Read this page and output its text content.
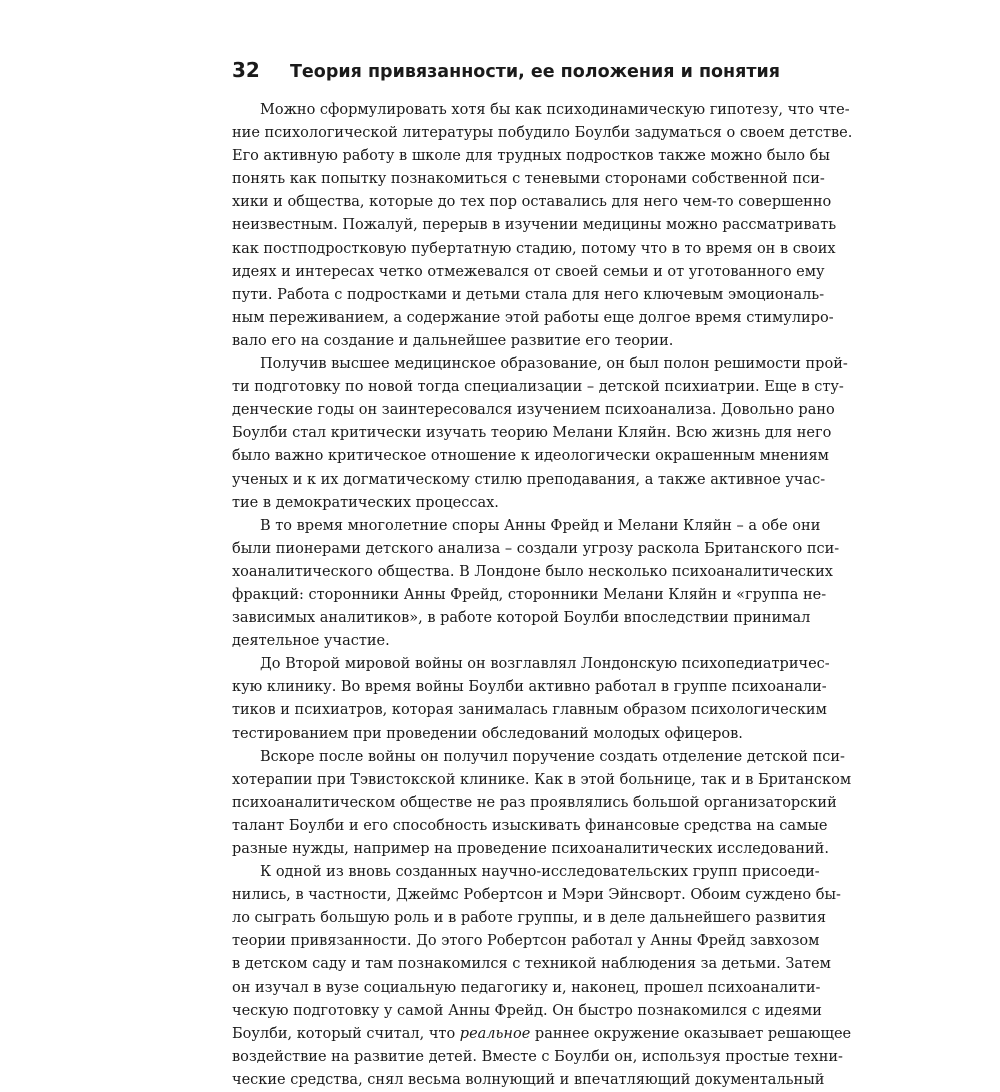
32	Теория привязанности, ее положения и понятия
Можно сформулировать хотя бы как психодинамическую гипотезу, что чте-
ние психологической литературы побудило Боулби задуматься о своем детстве.
Его активную работу в школе для трудных подростков также можно было бы
понять как попытку познакомиться с теневыми сторонами собственной пси-
хики и общества, которые до тех пор оставались для него чем-то совершенно
неизвестным. Пожалуй, перерыв в изучении медицины можно рассматривать
как постподростковую пубертатную стадию, потому что в то время он в своих
идеях и интересах четко отмежевался от своей семьи и от уготованного ему
пути. Работа с подростками и детьми стала для него ключевым эмоциональ-
ным переживанием, а содержание этой работы еще долгое время стимулиро-
вало его на создание и дальнейшее развитие его теории.
Получив высшее медицинское образование, он был полон решимости прой-
ти подготовку по новой тогда специализации – детской психиатрии. Еще в сту-
денческие годы он заинтересовался изучением психоанализа. Довольно рано
Боулби стал критически изучать теорию Мелани Кляйн. Всю жизнь для него
было важно критическое отношение к идеологически окрашенным мнениям
ученых и к их догматическому стилю преподавания, а также активное учас-
тие в демократических процессах.
В то время многолетние споры Анны Фрейд и Мелани Кляйн – а обе они
были пионерами детского анализа – создали угрозу раскола Британского пси-
хоаналитического общества. В Лондоне было несколько психоаналитических
фракций: сторонники Анны Фрейд, сторонники Мелани Кляйн и «группа не-
зависимых аналитиков», в работе которой Боулби впоследствии принимал
деятельное участие.
До Второй мировой войны он возглавлял Лондонскую психопедиатричес-
кую клинику. Во время войны Боулби активно работал в группе психоанали-
тиков и психиатров, которая занималась главным образом психологическим
тестированием при проведении обследований молодых офицеров.
Вскоре после войны он получил поручение создать отделение детской пси-
хотерапии при Тэвистокской клинике. Как в этой больнице, так и в Британском
психоаналитическом обществе не раз проявлялись большой организаторский
талант Боулби и его способность изыскивать финансовые средства на самые
разные нужды, например на проведение психоаналитических исследований.
К одной из вновь созданных научно-исследовательских групп присоеди-
нились, в частности, Джеймс Робертсон и Мэри Эйнсворт. Обоим суждено бы-
ло сыграть большую роль и в работе группы, и в деле дальнейшего развития
теории привязанности. До этого Робертсон работал у Анны Фрейд завхозом
в детском саду и там познакомился с техникой наблюдения за детьми. Затем
он изучал в вузе социальную педагогику и, наконец, прошел психоаналити-
ческую подготовку у самой Анны Фрейд. Он быстро познакомился с идеями
Боулби, который считал, что реальное раннее окружение оказывает решающее
воздействие на развитие детей. Вместе с Боулби он, используя простые техни-
ческие средства, снял весьма волнующий и впечатляющий документальный
